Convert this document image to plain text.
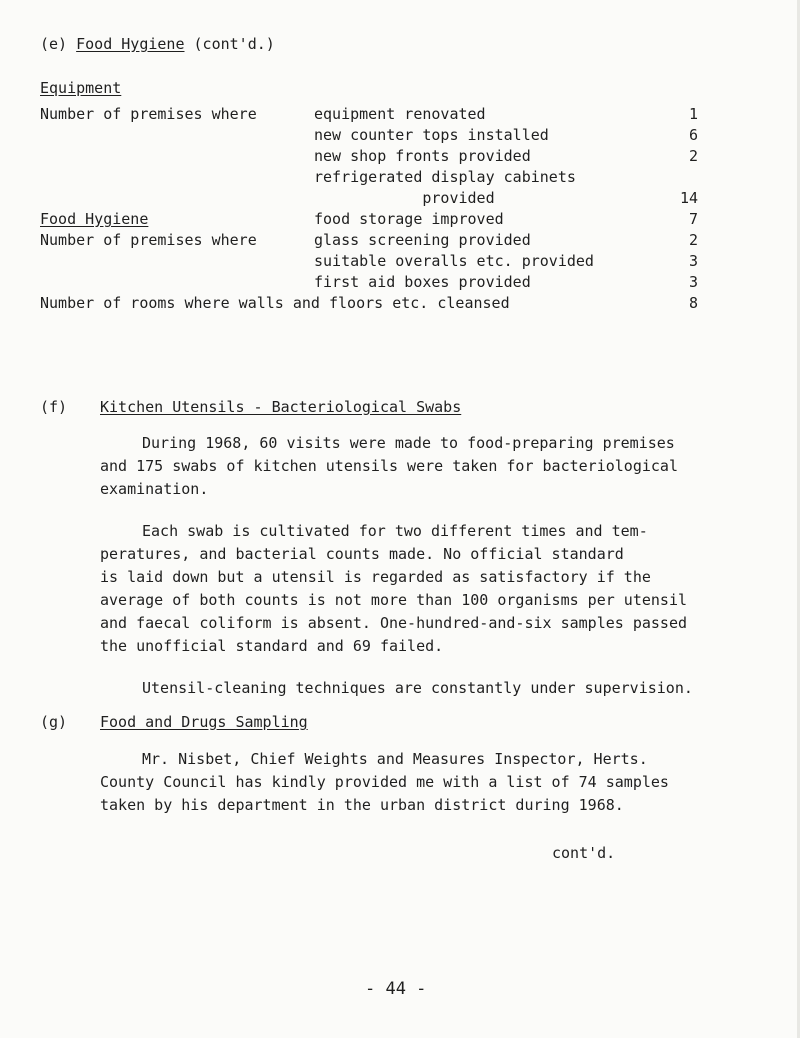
(e) Food Hygiene (cont'd.)
Equipment
Number of premises where	equipment renovated	1
new counter tops installed	6
new shop fronts provided	2
refrigerated display cabinets
provided	14
Food Hygiene	food storage improved	7
Number of premises where	glass screening provided	2
suitable overalls etc. provided	3
first aid boxes provided	3
Number of rooms where walls and floors etc. cleansed	8
(f) Kitchen Utensils - Bacteriological Swabs
During 1968, 60 visits were made to food-preparing premises
and 175 swabs of kitchen utensils were taken for bacteriological
examination.
Each swab is cultivated for two different times and tem-
peratures, and bacterial counts made. No official standard
is laid down but a utensil is regarded as satisfactory if the
average of both counts is not more than 100 organisms per utensil
and faecal coliform is absent. One-hundred-and-six samples passed
the unofficial standard and 69 failed.
Utensil-cleaning techniques are constantly under supervision.
(g) Food and Drugs Sampling
Mr. Nisbet, Chief Weights and Measures Inspector, Herts.
County Council has kindly provided me with a list of 74 samples
taken by his department in the urban district during 1968.
cont'd.
- 44 -
